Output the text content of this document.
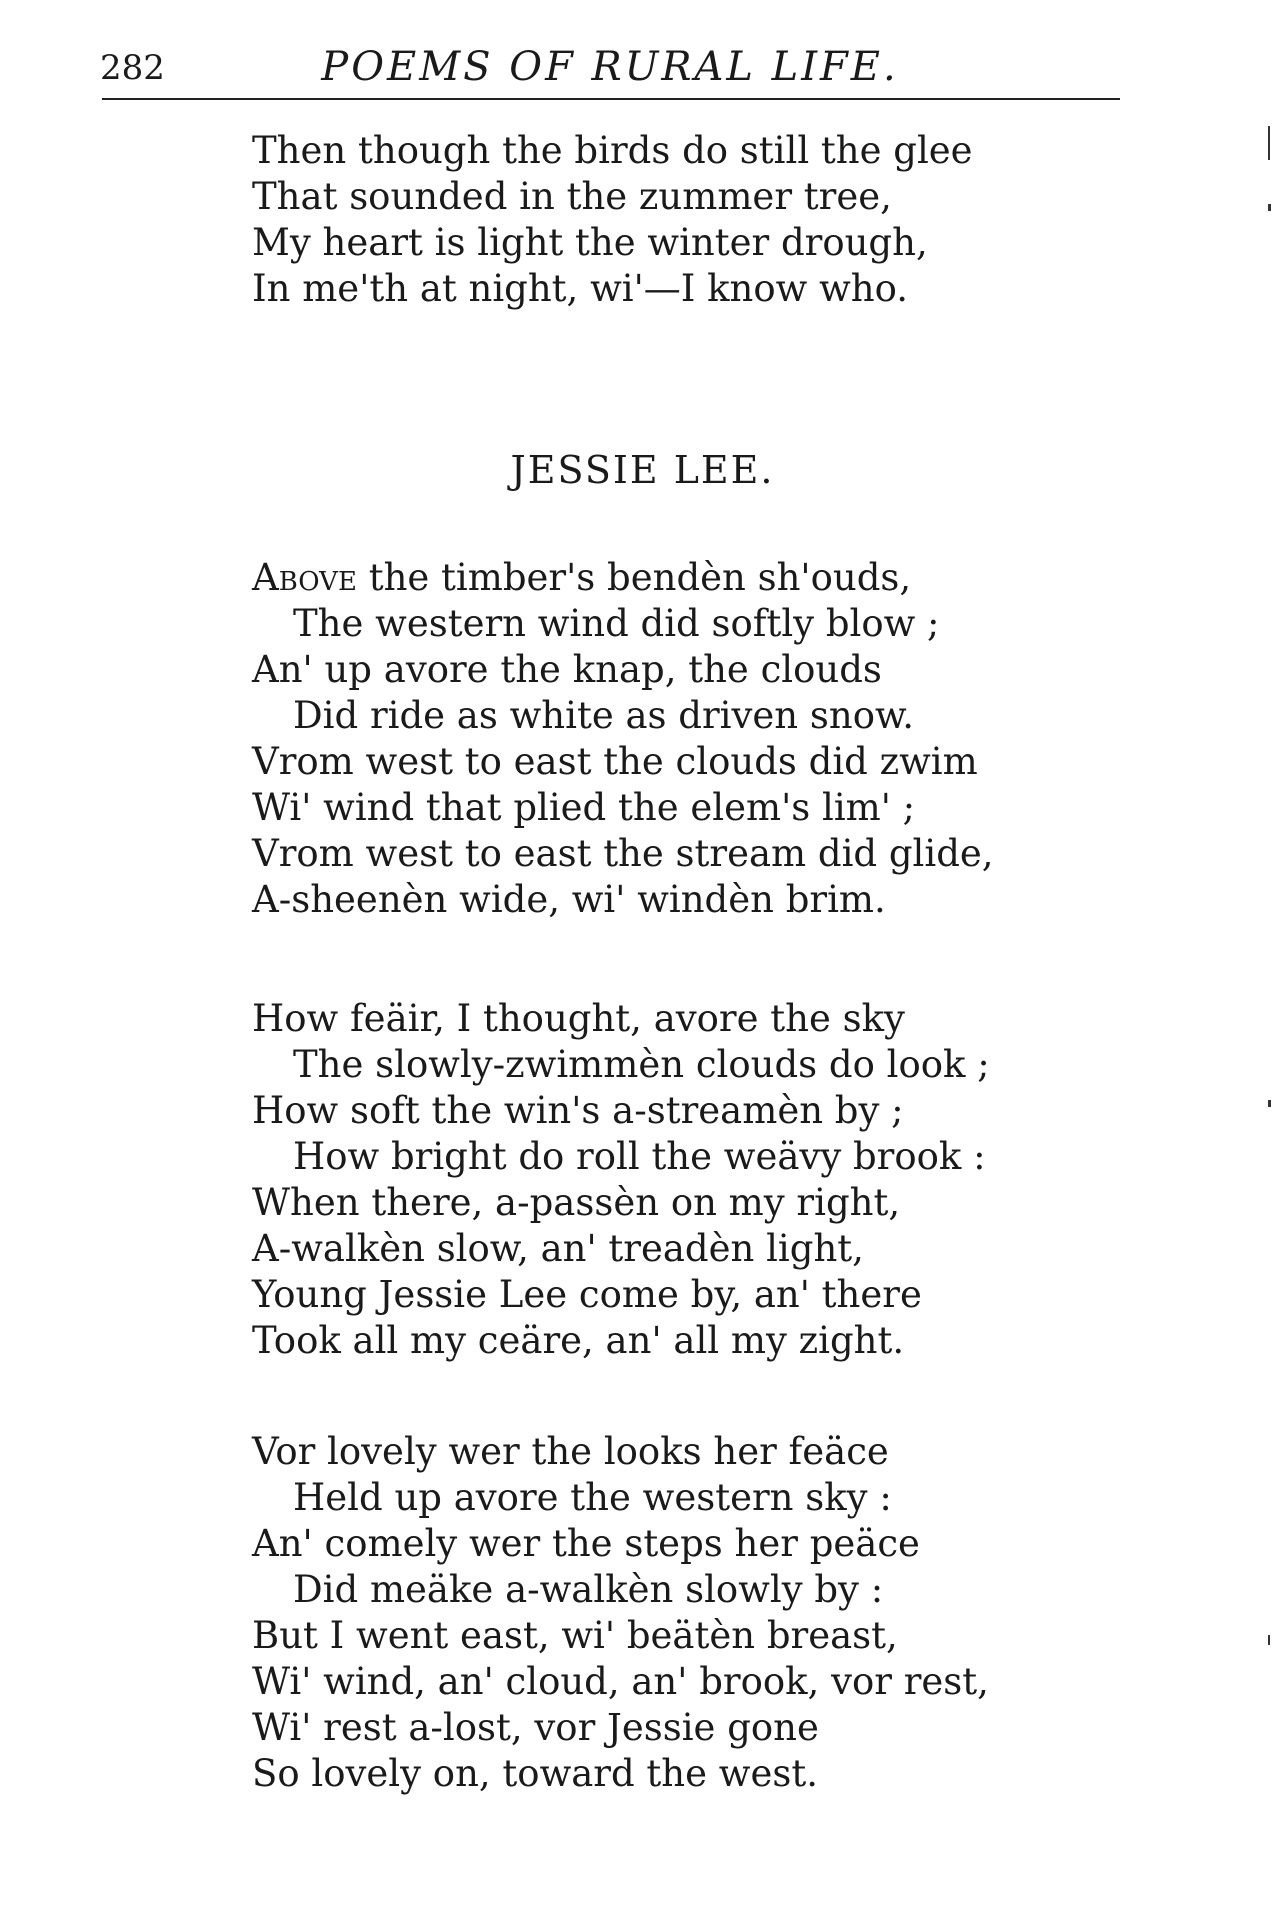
282	POEMS OF RURAL LIFE.
Then though the birds do still the glee
That sounded in the zummer tree,
My heart is light the winter drough,
In me'th at night, wi'—I know who.
JESSIE LEE.
Above the timber's bendèn sh'ouds,
The western wind did softly blow ;
An' up avore the knap, the clouds
Did ride as white as driven snow.
Vrom west to east the clouds did zwim
Wi' wind that plied the elem's lim' ;
Vrom west to east the stream did glide,
A-sheenèn wide, wi' windèn brim.
How feäir, I thought, avore the sky
The slowly-zwimmèn clouds do look ;
How soft the win's a-streamèn by ;
How bright do roll the weävy brook :
When there, a-passèn on my right,
A-walkèn slow, an' treadèn light,
Young Jessie Lee come by, an' there
Took all my ceäre, an' all my zight.
Vor lovely wer the looks her feäce
Held up avore the western sky :
An' comely wer the steps her peäce
Did meäke a-walkèn slowly by :
But I went east, wi' beätèn breast,
Wi' wind, an' cloud, an' brook, vor rest,
Wi' rest a-lost, vor Jessie gone
So lovely on, toward the west.
